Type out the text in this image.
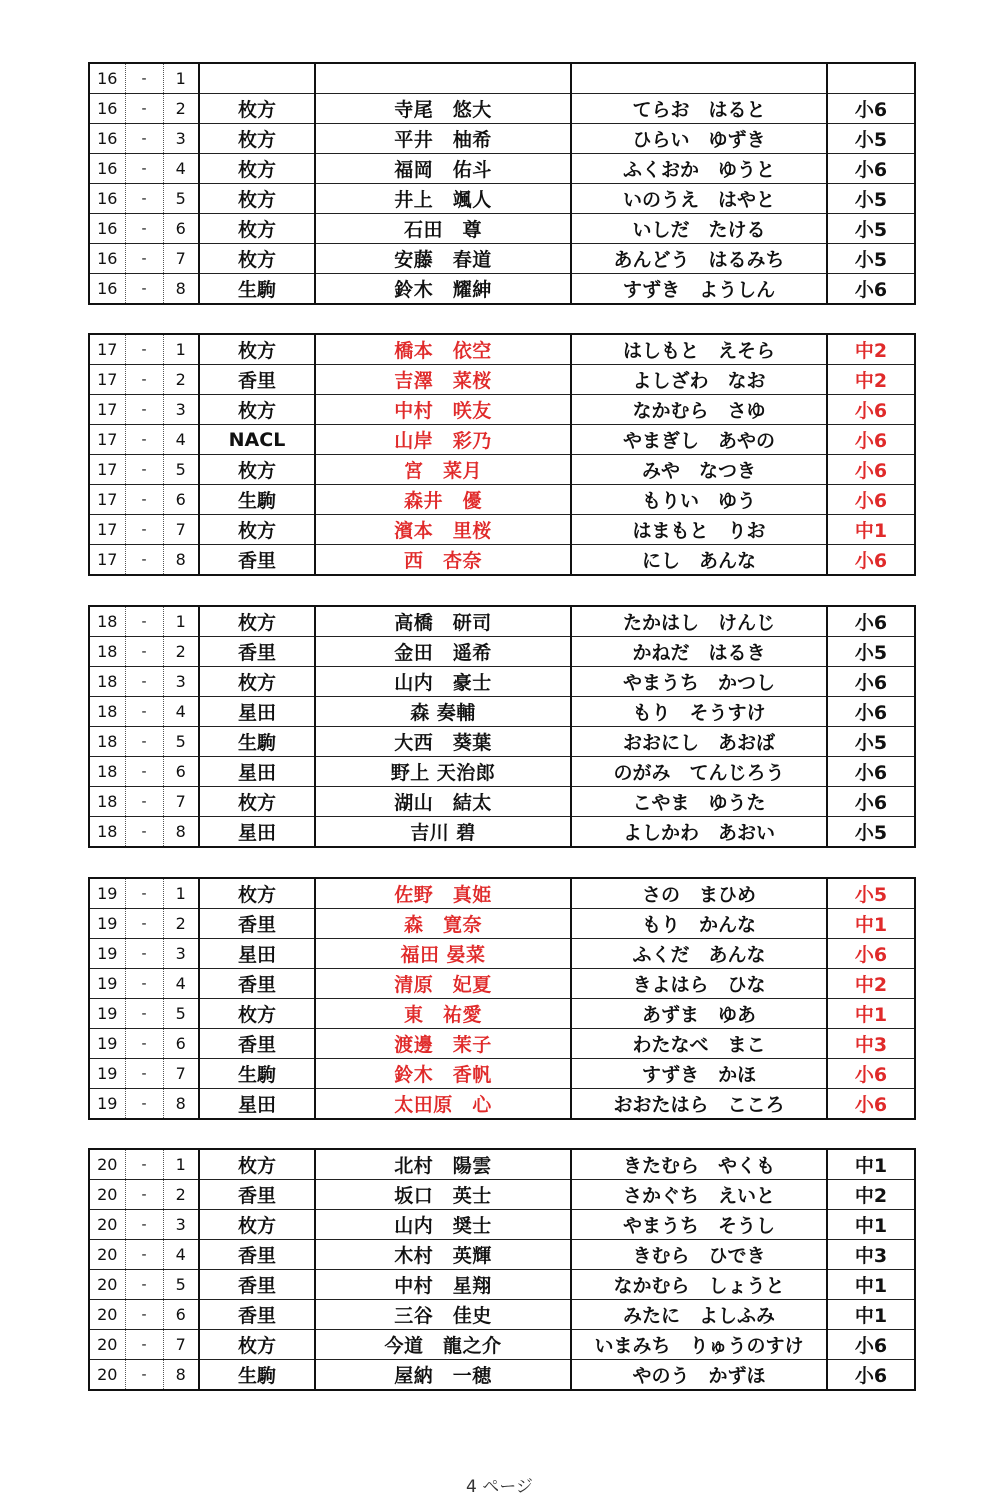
16	-	1				
16	-	2	枚方	寺尾　悠大	てらお　はると	小6
16	-	3	枚方	平井　柚希	ひらい　ゆずき	小5
16	-	4	枚方	福岡　佑斗	ふくおか　ゆうと	小6
16	-	5	枚方	井上　颯人	いのうえ　はやと	小5
16	-	6	枚方	石田　尊	いしだ　たける	小5
16	-	7	枚方	安藤　春道	あんどう　はるみち	小5
16	-	8	生駒	鈴木　耀紳	すずき　ようしん	小6
17	-	1	枚方	橋本　依空	はしもと　えそら	中2
17	-	2	香里	吉澤　菜桜	よしざわ　なお	中2
17	-	3	枚方	中村　咲友	なかむら　さゆ	小6
17	-	4	NACL	山岸　彩乃	やまぎし　あやの	小6
17	-	5	枚方	宮　菜月	みや　なつき	小6
17	-	6	生駒	森井　優	もりい　ゆう	小6
17	-	7	枚方	濱本　里桜	はまもと　りお	中1
17	-	8	香里	西　杏奈	にし　あんな	小6
18	-	1	枚方	高橋　研司	たかはし　けんじ	小6
18	-	2	香里	金田　遥希	かねだ　はるき	小5
18	-	3	枚方	山内　豪士	やまうち　かつし	小6
18	-	4	星田	森 奏輔	もり　そうすけ	小6
18	-	5	生駒	大西　葵葉	おおにし　あおば	小5
18	-	6	星田	野上 天治郎	のがみ　てんじろう	小6
18	-	7	枚方	湖山　結太	こやま　ゆうた	小6
18	-	8	星田	吉川 碧	よしかわ　あおい	小5
19	-	1	枚方	佐野　真姫	さの　まひめ	小5
19	-	2	香里	森　寛奈	もり　かんな	中1
19	-	3	星田	福田 晏菜	ふくだ　あんな	小6
19	-	4	香里	清原　妃夏	きよはら　ひな	中2
19	-	5	枚方	東　祐愛	あずま　ゆあ	中1
19	-	6	香里	渡邊　茉子	わたなべ　まこ	中3
19	-	7	生駒	鈴木　香帆	すずき　かほ	小6
19	-	8	星田	太田原　心	おおたはら　こころ	小6
20	-	1	枚方	北村　陽雲	きたむら　やくも	中1
20	-	2	香里	坂口　英士	さかぐち　えいと	中2
20	-	3	枚方	山内　奨士	やまうち　そうし	中1
20	-	4	香里	木村　英輝	きむら　ひでき	中3
20	-	5	香里	中村　星翔	なかむら　しょうと	中1
20	-	6	香里	三谷　佳史	みたに　よしふみ	中1
20	-	7	枚方	今道　龍之介	いまみち　りゅうのすけ	小6
20	-	8	生駒	屋納　一穂	やのう　かずほ	小6
4 ページ
